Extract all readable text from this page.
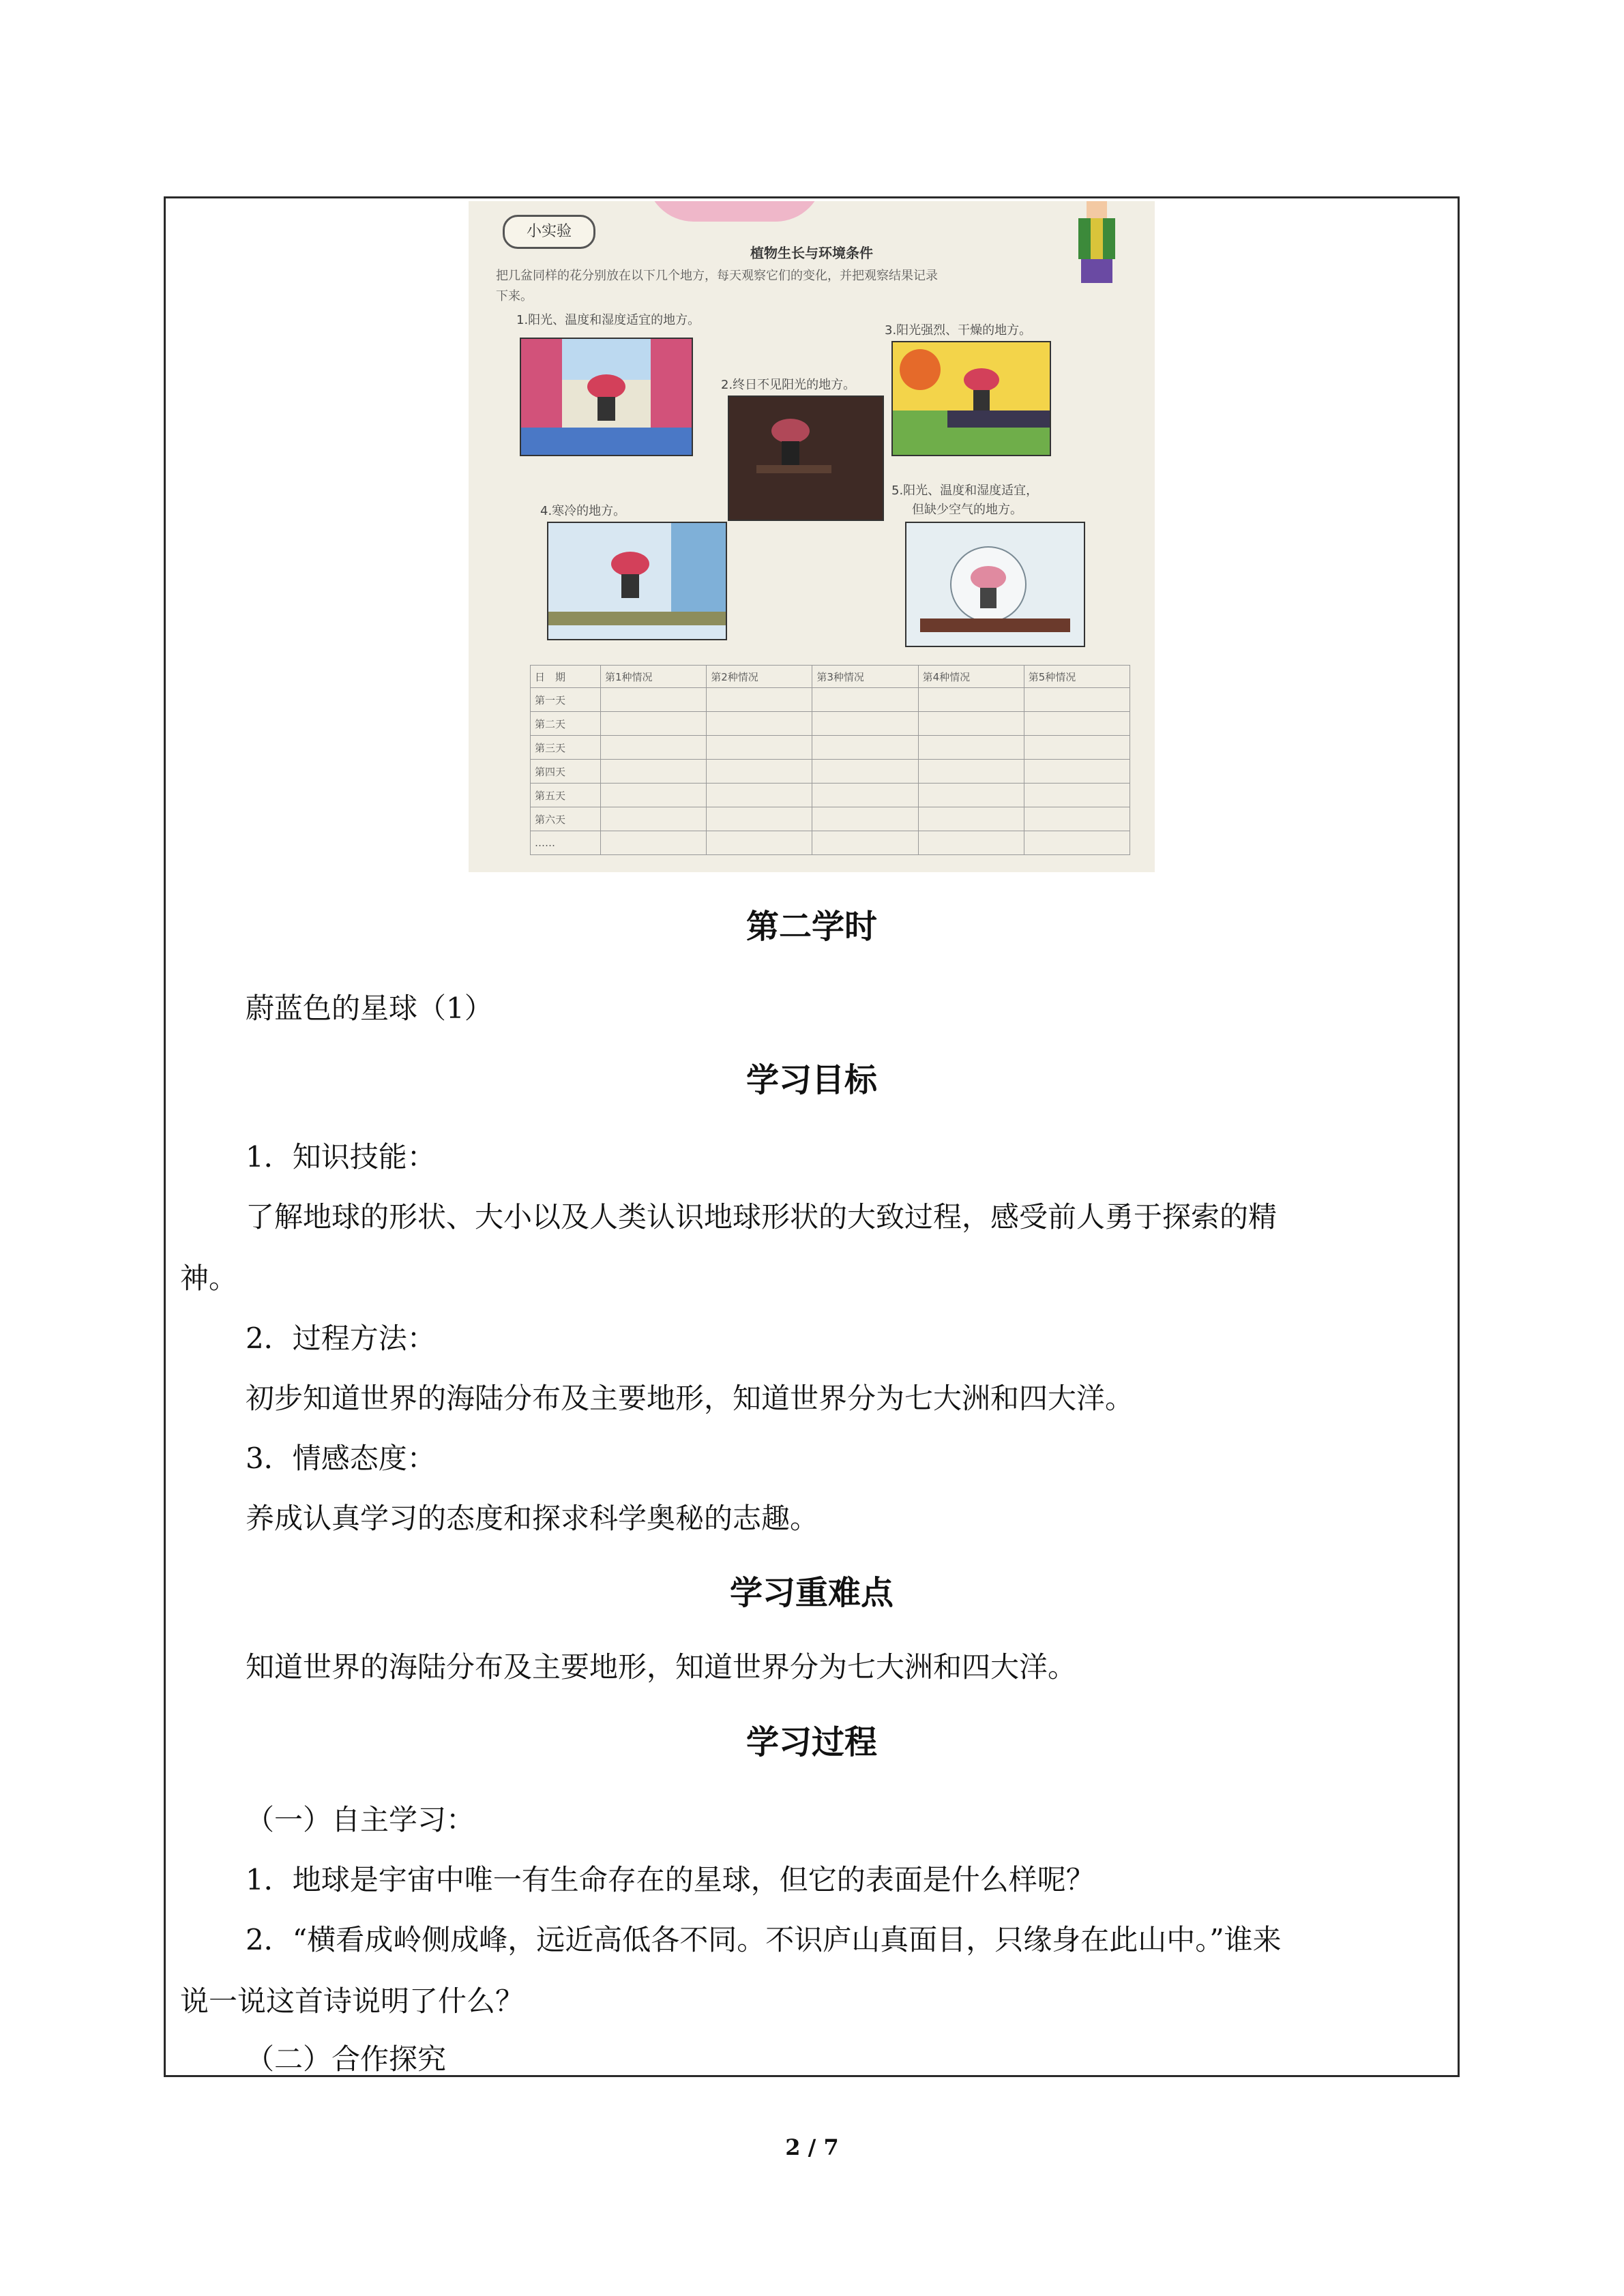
小实验
植物生长与环境条件
把几盆同样的花分别放在以下几个地方，每天观察它们的变化，并把观察结果记录
下来。
1.阳光、温度和湿度适宜的地方。
2.终日不见阳光的地方。
3.阳光强烈、干燥的地方。
4.寒冷的地方。
5.阳光、温度和湿度适宜，
但缺少空气的地方。
日　期	第1种情况	第2种情况	第3种情况	第4种情况	第5种情况
第一天					
第二天					
第三天					
第四天					
第五天					
第六天					
……					
第二学时
蔚蓝色的星球（1）
学习目标
1．知识技能：
了解地球的形状、大小以及人类认识地球形状的大致过程，感受前人勇于探索的精
神。
2．过程方法：
初步知道世界的海陆分布及主要地形，知道世界分为七大洲和四大洋。
3．情感态度：
养成认真学习的态度和探求科学奥秘的志趣。
学习重难点
知道世界的海陆分布及主要地形，知道世界分为七大洲和四大洋。
学习过程
（一）自主学习：
1．地球是宇宙中唯一有生命存在的星球，但它的表面是什么样呢？
2．“横看成岭侧成峰，远近高低各不同。不识庐山真面目，只缘身在此山中。”谁来
说一说这首诗说明了什么？
（二）合作探究
2 / 7
